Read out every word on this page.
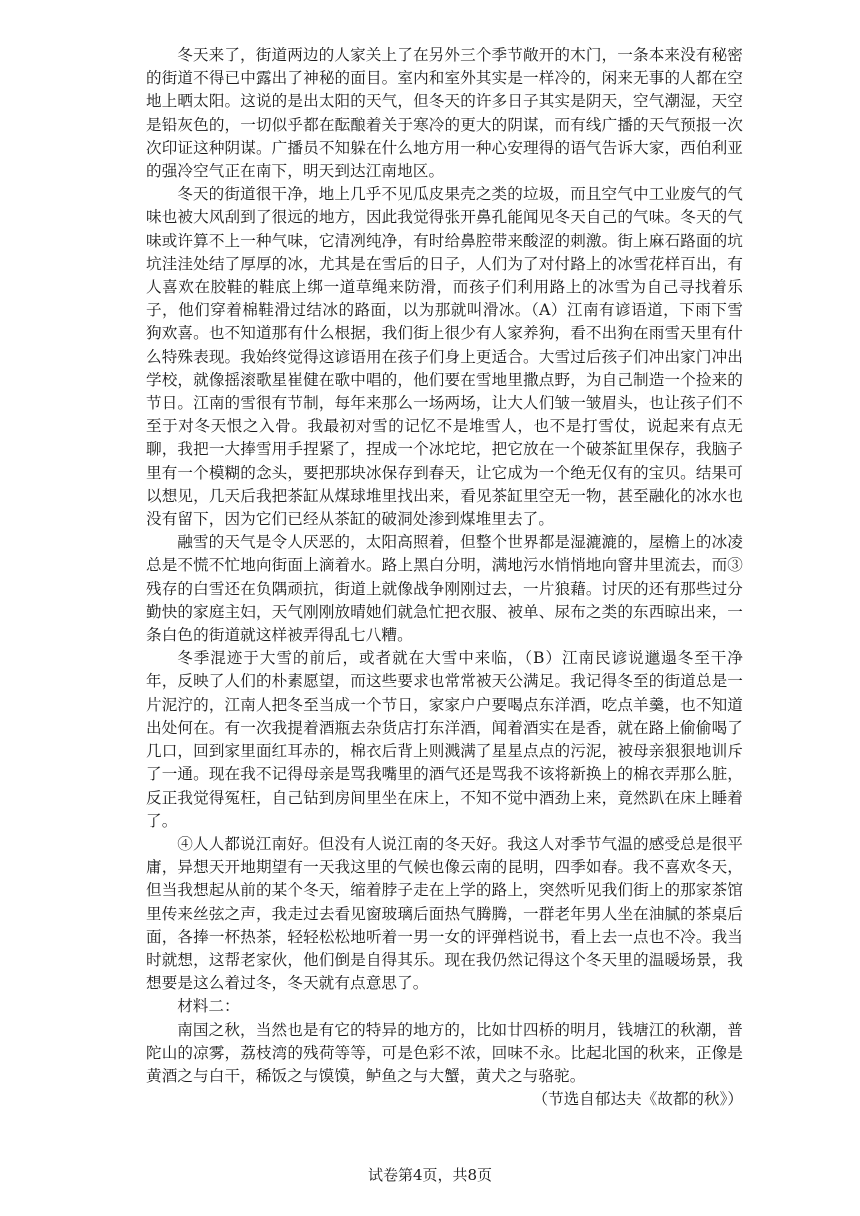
冬天来了，街道两边的人家关上了在另外三个季节敞开的木门，一条本来没有秘密的街道不得已中露出了神秘的面目。室内和室外其实是一样冷的，闲来无事的人都在空地上晒太阳。这说的是出太阳的天气，但冬天的许多日子其实是阴天，空气潮湿，天空是铅灰色的，一切似乎都在酝酿着关于寒冷的更大的阴谋，而有线广播的天气预报一次次印证这种阴谋。广播员不知躲在什么地方用一种心安理得的语气告诉大家，西伯利亚的强冷空气正在南下，明天到达江南地区。

冬天的街道很干净，地上几乎不见瓜皮果壳之类的垃圾，而且空气中工业废气的气味也被大风刮到了很远的地方，因此我觉得张开鼻孔能闻见冬天自己的气味。冬天的气味或许算不上一种气味，它清冽纯净，有时给鼻腔带来酸涩的刺激。街上麻石路面的坑坑洼洼处结了厚厚的冰，尤其是在雪后的日子，人们为了对付路上的冰雪花样百出，有人喜欢在胶鞋的鞋底上绑一道草绳来防滑，而孩子们利用路上的冰雪为自己寻找着乐子，他们穿着棉鞋滑过结冰的路面，以为那就叫滑冰。（A）江南有谚语道，下雨下雪狗欢喜。也不知道那有什么根据，我们街上很少有人家养狗，看不出狗在雨雪天里有什么特殊表现。我始终觉得这谚语用在孩子们身上更适合。大雪过后孩子们冲出家门冲出学校，就像摇滚歌星崔健在歌中唱的，他们要在雪地里撒点野，为自己制造一个捡来的节日。江南的雪很有节制，每年来那么一场两场，让大人们皱一皱眉头，也让孩子们不至于对冬天恨之入骨。我最初对雪的记忆不是堆雪人，也不是打雪仗，说起来有点无聊，我把一大捧雪用手捏紧了，捏成一个冰坨坨，把它放在一个破茶缸里保存，我脑子里有一个模糊的念头，要把那块冰保存到春天，让它成为一个绝无仅有的宝贝。结果可以想见，几天后我把茶缸从煤球堆里找出来，看见茶缸里空无一物，甚至融化的冰水也没有留下，因为它们已经从茶缸的破洞处渗到煤堆里去了。

融雪的天气是令人厌恶的，太阳高照着，但整个世界都是湿漉漉的，屋檐上的冰凌总是不慌不忙地向街面上滴着水。路上黑白分明，满地污水悄悄地向窨井里流去，而③残存的白雪还在负隅顽抗，街道上就像战争刚刚过去，一片狼藉。讨厌的还有那些过分勤快的家庭主妇，天气刚刚放晴她们就急忙把衣服、被单、尿布之类的东西晾出来，一条白色的街道就这样被弄得乱七八糟。

冬季混迹于大雪的前后，或者就在大雪中来临，（B）江南民谚说邋遢冬至干净年，反映了人们的朴素愿望，而这些要求也常常被天公满足。我记得冬至的街道总是一片泥泞的，江南人把冬至当成一个节日，家家户户要喝点东洋酒，吃点羊羹，也不知道出处何在。有一次我提着酒瓶去杂货店打东洋酒，闻着酒实在是香，就在路上偷偷喝了几口，回到家里面红耳赤的，棉衣后背上则溅满了星星点点的污泥，被母亲狠狠地训斥了一通。现在我不记得母亲是骂我嘴里的酒气还是骂我不该将新换上的棉衣弄那么脏，反正我觉得冤枉，自己钻到房间里坐在床上，不知不觉中酒劲上来，竟然趴在床上睡着了。

④人人都说江南好。但没有人说江南的冬天好。我这人对季节气温的感受总是很平庸，异想天开地期望有一天我这里的气候也像云南的昆明，四季如春。我不喜欢冬天，但当我想起从前的某个冬天，缩着脖子走在上学的路上，突然听见我们街上的那家茶馆里传来丝弦之声，我走过去看见窗玻璃后面热气腾腾，一群老年男人坐在油腻的茶桌后面，各捧一杯热茶，轻轻松松地听着一男一女的评弹档说书，看上去一点也不冷。我当时就想，这帮老家伙，他们倒是自得其乐。现在我仍然记得这个冬天里的温暖场景，我想要是这么着过冬，冬天就有点意思了。

材料二：

南国之秋，当然也是有它的特异的地方的，比如廿四桥的明月，钱塘江的秋潮，普陀山的凉雾，荔枝湾的残荷等等，可是色彩不浓，回味不永。比起北国的秋来，正像是黄酒之与白干，稀饭之与馍馍，鲈鱼之与大蟹，黄犬之与骆驼。

（节选自郁达夫《故都的秋》）

试卷第4页，共8页
